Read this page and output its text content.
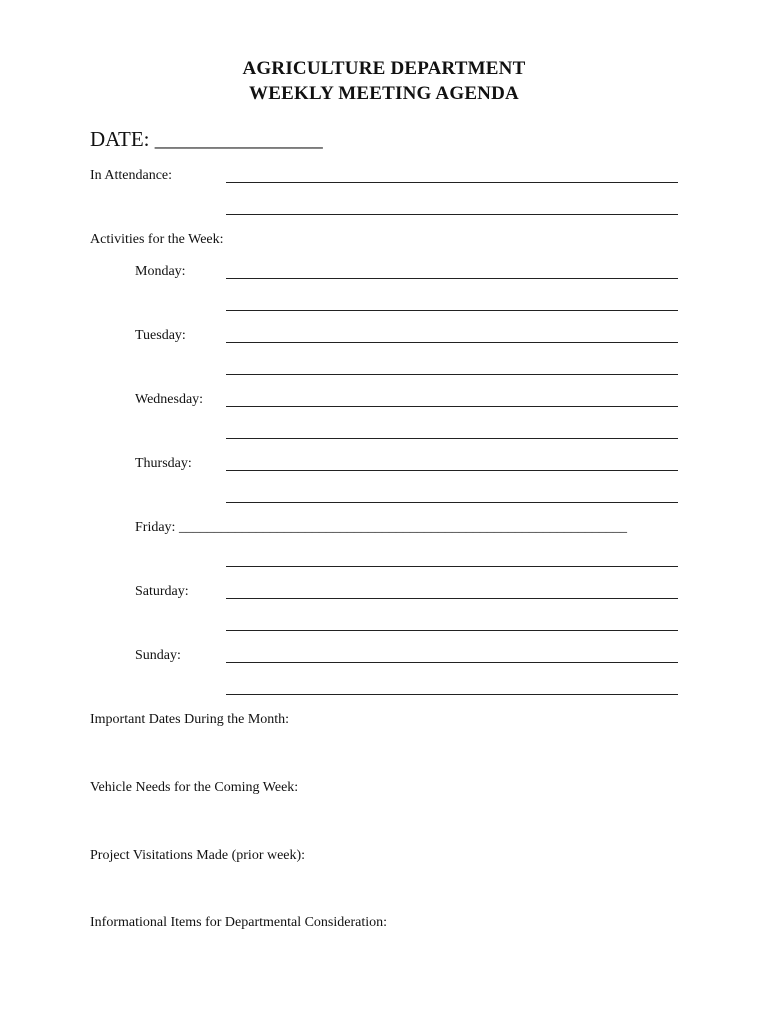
AGRICULTURE DEPARTMENT
WEEKLY MEETING AGENDA
DATE: ________________
In Attendance:
Activities for the Week:
Monday:
Tuesday:
Wednesday:
Thursday:
Friday: ________________________________________________________________
Saturday:
Sunday:
Important Dates During the Month:
Vehicle Needs for the Coming Week:
Project Visitations Made (prior week):
Informational Items for Departmental Consideration:
